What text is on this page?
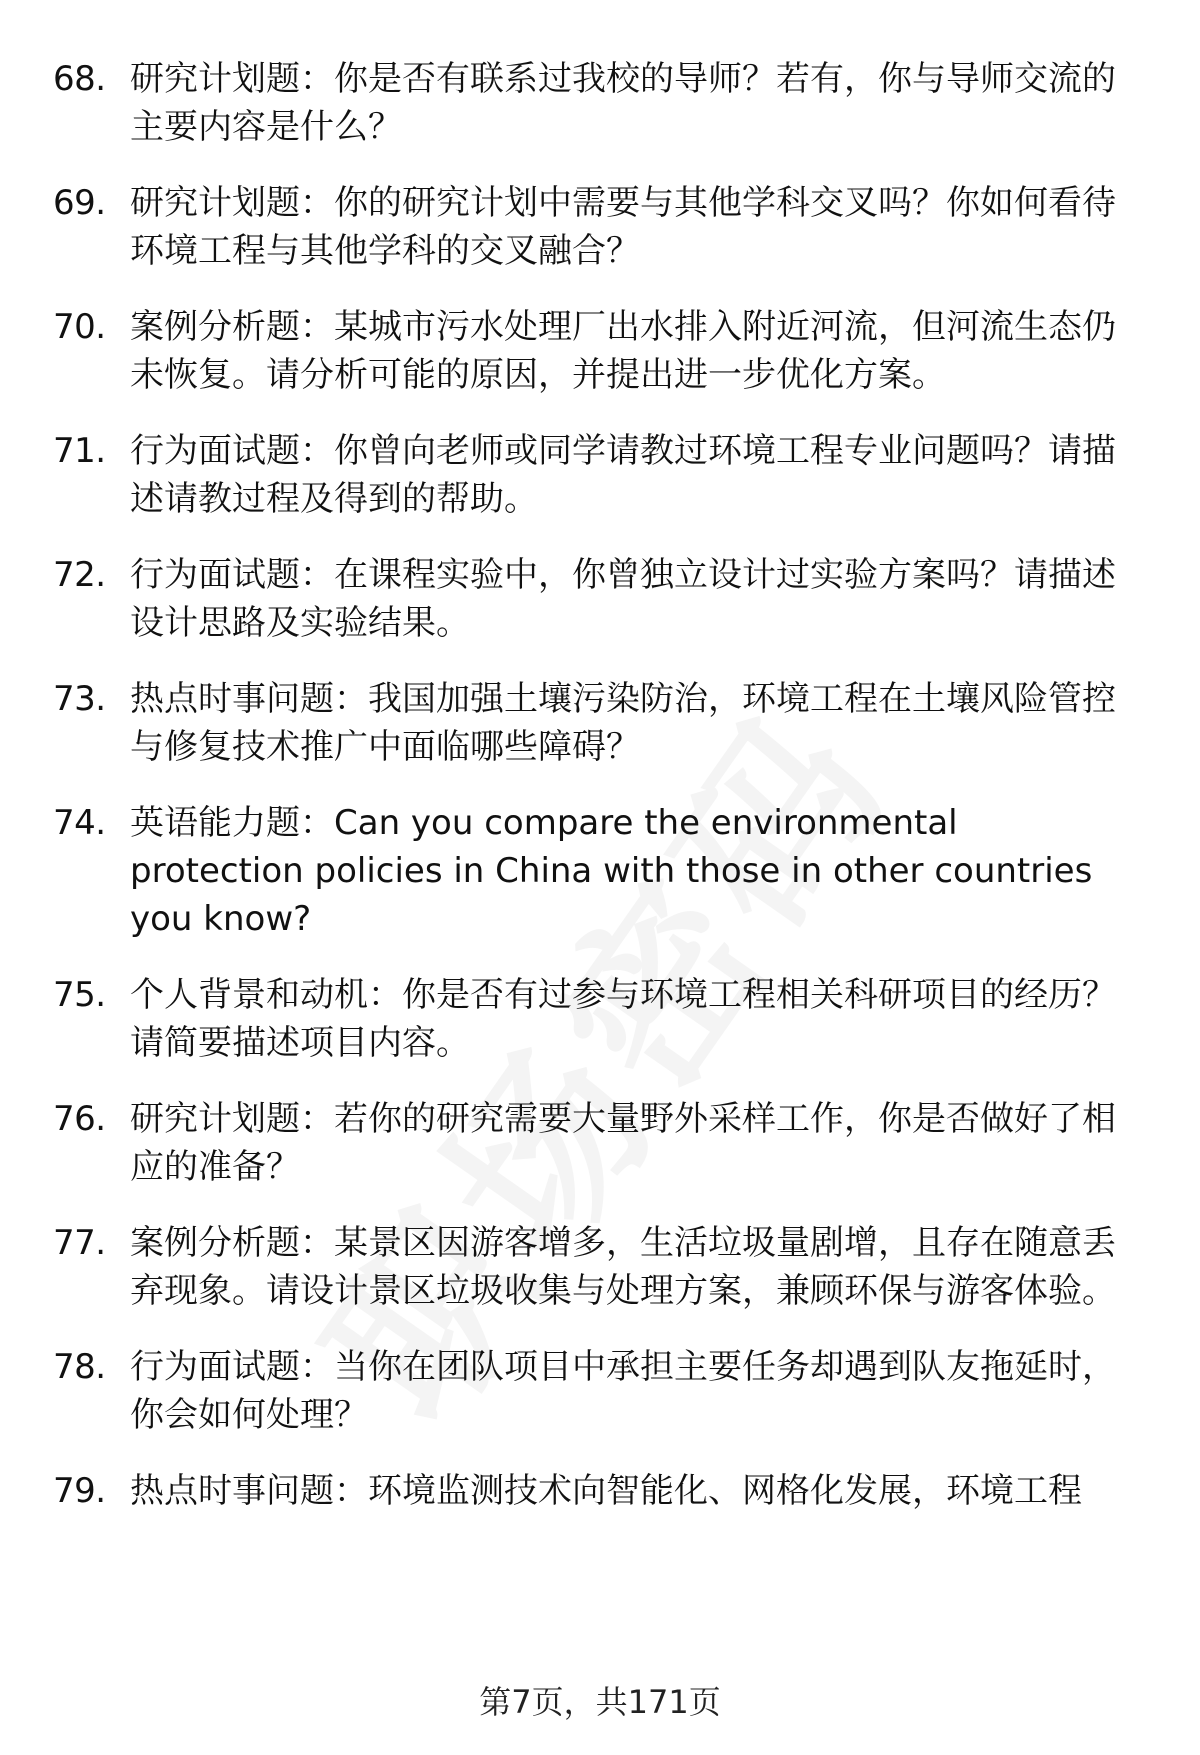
68. 研究计划题：你是否有联系过我校的导师？若有，你与导师交流的主要内容是什么？
69. 研究计划题：你的研究计划中需要与其他学科交叉吗？你如何看待环境工程与其他学科的交叉融合？
70. 案例分析题：某城市污水处理厂出水排入附近河流，但河流生态仍未恢复。请分析可能的原因，并提出进一步优化方案。
71. 行为面试题：你曾向老师或同学请教过环境工程专业问题吗？请描述请教过程及得到的帮助。
72. 行为面试题：在课程实验中，你曾独立设计过实验方案吗？请描述设计思路及实验结果。
73. 热点时事问题：我国加强土壤污染防治，环境工程在土壤风险管控与修复技术推广中面临哪些障碍？
74. 英语能力题：Can you compare the environmental protection policies in China with those in other countries you know?
75. 个人背景和动机：你是否有过参与环境工程相关科研项目的经历？请简要描述项目内容。
76. 研究计划题：若你的研究需要大量野外采样工作，你是否做好了相应的准备？
77. 案例分析题：某景区因游客增多，生活垃圾量剧增，且存在随意丢弃现象。请设计景区垃圾收集与处理方案，兼顾环保与游客体验。
78. 行为面试题：当你在团队项目中承担主要任务却遇到队友拖延时，你会如何处理？
79. 热点时事问题：环境监测技术向智能化、网格化发展，环境工程
第7页，共171页
